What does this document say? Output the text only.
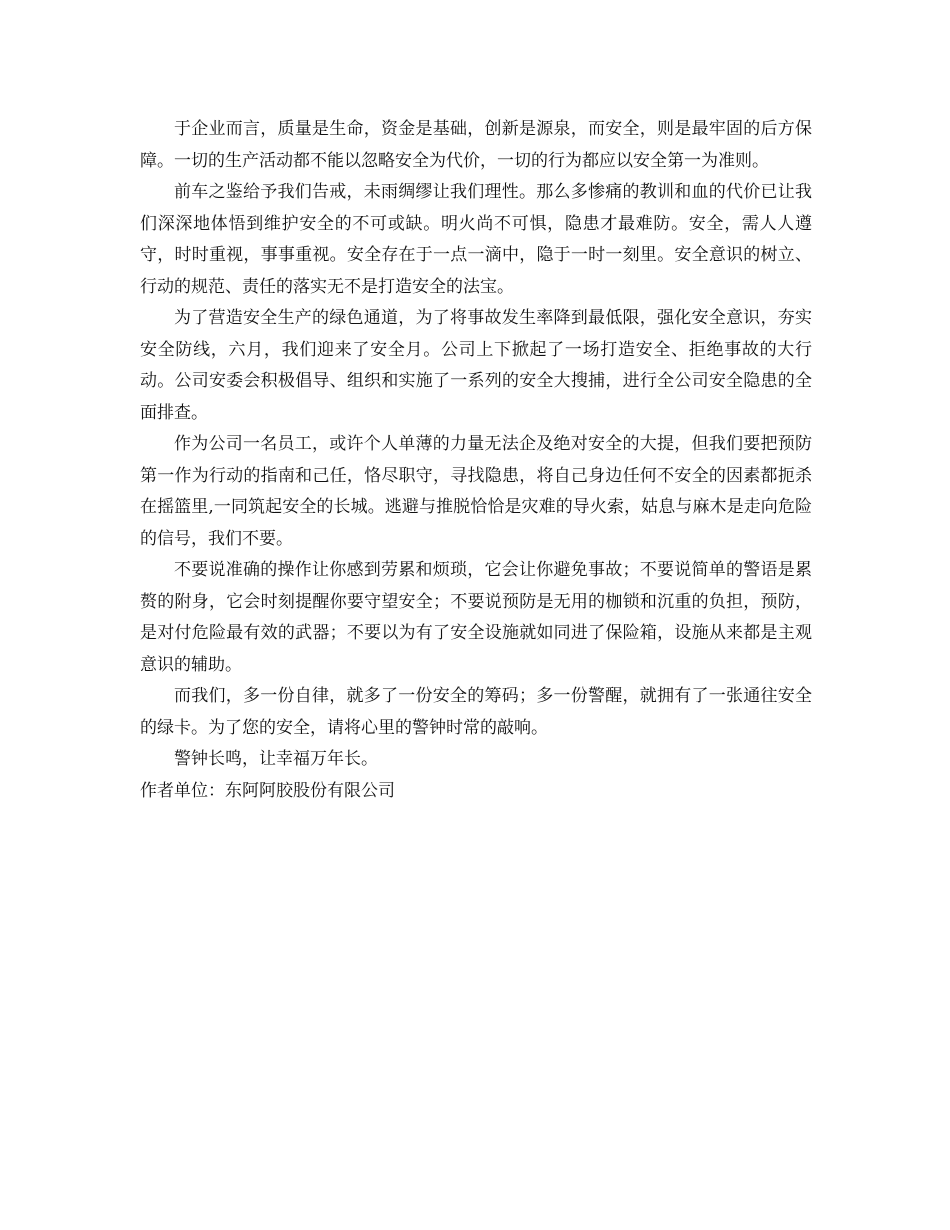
于企业而言，质量是生命，资金是基础，创新是源泉，而安全，则是最牢固的后方保障。一切的生产活动都不能以忽略安全为代价，一切的行为都应以安全第一为准则。

前车之鉴给予我们告戒，未雨绸缪让我们理性。那么多惨痛的教训和血的代价已让我们深深地体悟到维护安全的不可或缺。明火尚不可惧，隐患才最难防。安全，需人人遵守，时时重视，事事重视。安全存在于一点一滴中，隐于一时一刻里。安全意识的树立、行动的规范、责任的落实无不是打造安全的法宝。

为了营造安全生产的绿色通道，为了将事故发生率降到最低限，强化安全意识，夯实安全防线，六月，我们迎来了安全月。公司上下掀起了一场打造安全、拒绝事故的大行动。公司安委会积极倡导、组织和实施了一系列的安全大搜捕，进行全公司安全隐患的全面排查。

作为公司一名员工，或许个人单薄的力量无法企及绝对安全的大提，但我们要把预防第一作为行动的指南和己任，恪尽职守，寻找隐患，将自己身边任何不安全的因素都扼杀在摇篮里,一同筑起安全的长城。逃避与推脱恰恰是灾难的导火索，姑息与麻木是走向危险的信号，我们不要。

不要说准确的操作让你感到劳累和烦琐，它会让你避免事故；不要说简单的警语是累赘的附身，它会时刻提醒你要守望安全；不要说预防是无用的枷锁和沉重的负担，预防，是对付危险最有效的武器；不要以为有了安全设施就如同进了保险箱，设施从来都是主观意识的辅助。

而我们，多一份自律，就多了一份安全的筹码；多一份警醒，就拥有了一张通往安全的绿卡。为了您的安全，请将心里的警钟时常的敲响。

警钟长鸣，让幸福万年长。

作者单位：东阿阿胶股份有限公司
